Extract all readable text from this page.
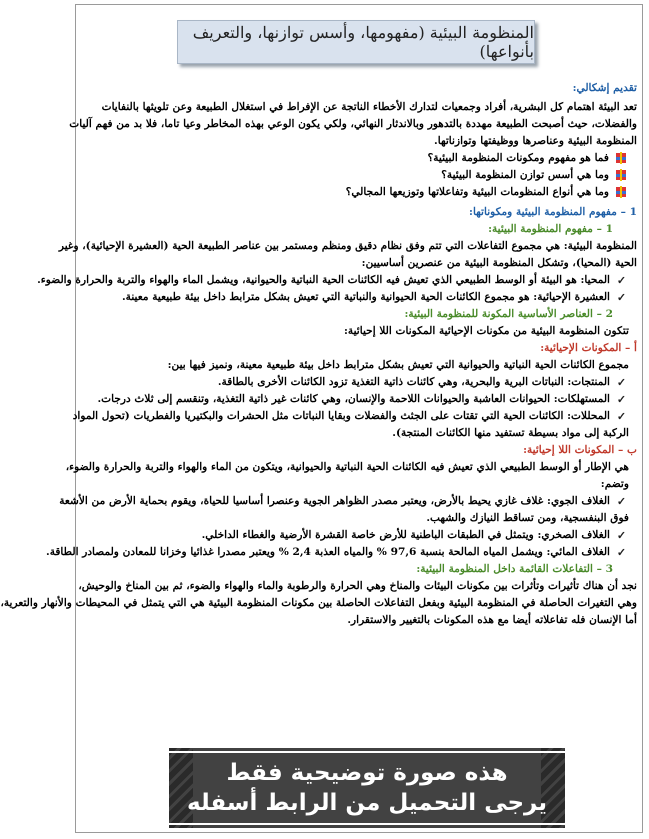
المنظومة البيئية (مفهومها، وأسس توازنها، والتعريف بأنواعها)
تقديم إشكالي:
تعد البيئة اهتمام كل البشرية، أفراد وجمعيات لتدارك الأخطاء الناتجة عن الإفراط في استغلال الطبيعة وعن تلويثها بالنفايات
والفضلات، حيث أصبحت الطبيعة مهددة بالتدهور وبالاندثار النهائي، ولكي يكون الوعي بهذه المخاطر وعيا تاما، فلا بد من فهم آليات
المنظومة البيئية وعناصرها ووظيفتها وتوازناتها.
فما هو مفهوم ومكونات المنظومة البيئية؟
وما هي أسس توازن المنظومة البيئية؟
وما هي أنواع المنظومات البيئية وتفاعلاتها وتوزيعها المجالي؟
1 – مفهوم المنظومة البيئية ومكوناتها:
1 – مفهوم المنظومة البيئية:
المنظومة البيئية: هي مجموع التفاعلات التي تتم وفق نظام دقيق ومنظم ومستمر بين عناصر الطبيعة الحية (العشيرة الإحيائية)، وغير
الحية (المحيا)، وتشكل المنظومة البيئية من عنصرين أساسيين:
✓
المحيا: هو البيئة أو الوسط الطبيعي الذي تعيش فيه الكائنات الحية النباتية والحيوانية، ويشمل الماء والهواء والتربة والحرارة والضوء.
✓
العشيرة الإحيائية: هو مجموع الكائنات الحية الحيوانية والنباتية التي تعيش بشكل مترابط داخل بيئة طبيعية معينة.
2 – العناصر الأساسية المكونة للمنظومة البيئية:
تتكون المنظومة البيئية من مكونات الإحيائية المكونات اللا إحيائية:
أ – المكونات الإحيائية:
مجموع الكائنات الحية النباتية والحيوانية التي تعيش بشكل مترابط داخل بيئة طبيعية معينة، ونميز فيها بين:
✓
المنتجات: النباتات البرية والبحرية، وهي كائنات ذاتية التغذية تزود الكائنات الأخرى بالطاقة.
✓
المستهلكات: الحيوانات العاشبة والحيوانات اللاحمة والإنسان، وهي كائنات غير ذاتية التغذية، وتنقسم إلى ثلاث درجات.
✓
المحللات: الكائنات الحية التي تقتات على الجثث والفضلات وبقايا النباتات مثل الحشرات والبكتيريا والفطريات (تحول المواد
الركبة إلى مواد بسيطة تستفيد منها الكائنات المنتجة).
ب – المكونات اللا إحيائية:
هي الإطار أو الوسط الطبيعي الذي تعيش فيه الكائنات الحية النباتية والحيوانية، ويتكون من الماء والهواء والتربة والحرارة والضوء،
وتضم:
✓
الغلاف الجوي: غلاف غازي يحيط بالأرض، ويعتبر مصدر الظواهر الجوية وعنصرا أساسيا للحياة، ويقوم بحماية الأرض من الأشعة
فوق البنفسجية، ومن تساقط النيازك والشهب.
✓
الغلاف الصخري: ويتمثل في الطبقات الباطنية للأرض خاصة القشرة الأرضية والغطاء الداخلي.
✓
الغلاف المائي: ويشمل المياه المالحة بنسبة 97,6 % والمياه العذبة 2,4 % ويعتبر مصدرا غذائيا وخزانا للمعادن ولمصادر الطاقة.
3 – التفاعلات القائمة داخل المنظومة البيئية:
نجد أن هناك تأثيرات وتأثرات بين مكونات البيئات والمناخ وهي الحرارة والرطوبة والماء والهواء والضوء، ثم بين المناخ والوحيش،
وهي التغيرات الحاصلة في المنظومة البيئية وبفعل التفاعلات الحاصلة بين مكونات المنظومة البيئية هي التي يتمثل في المحيطات والأنهار والتعرية،
أما الإنسان فله تفاعلاته أيضا مع هذه المكونات بالتغيير والاستقرار.
هذه صورة توضيحية فقط
يرجى التحميل من الرابط أسفله
